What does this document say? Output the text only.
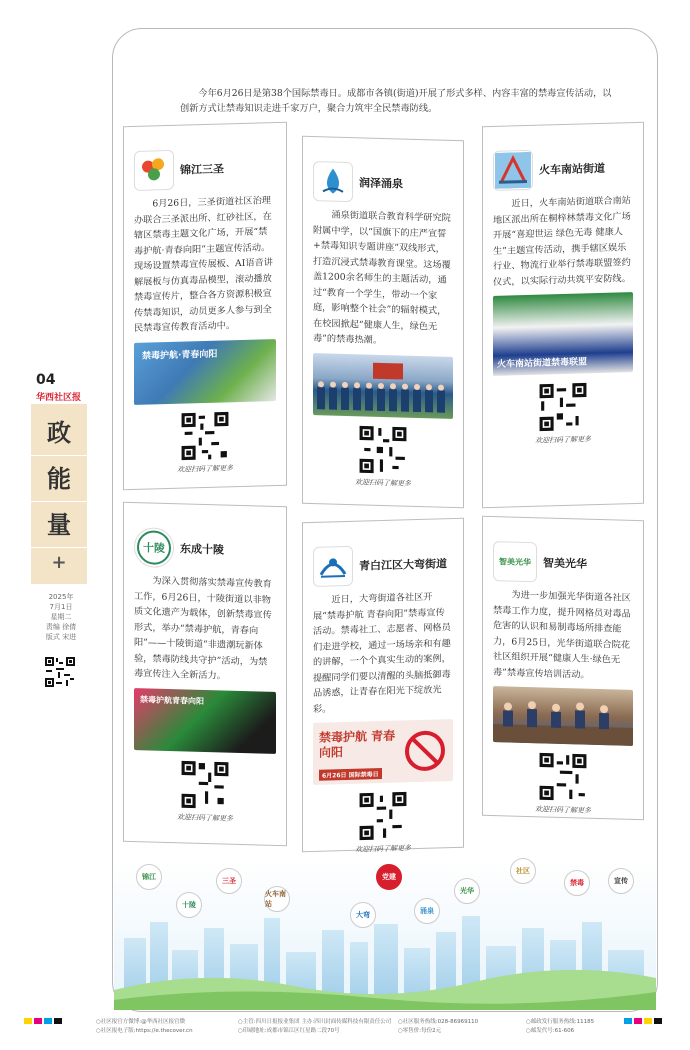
今年6月26日是第38个国际禁毒日。成都市各镇(街道)开展了形式多样、内容丰富的禁毒宣传活动，以创新方式让禁毒知识走进千家万户，聚合力筑牢全民禁毒防线。

04
华西社区报
政
能
量
+
2025年
7月1日
星期二
责编 徐倩
版式 宋进
锦江三圣

6月26日，三圣街道社区治理办联合三圣派出所、红砂社区，在辖区禁毒主题文化广场，开展“禁毒护航·青春向阳”主题宣传活动。现场设置禁毒宣传展板、AI语音讲解展板与仿真毒品模型，滚动播放禁毒宣传片，整合各方资源积极宣传禁毒知识，动员更多人参与到全民禁毒宣传教育活动中。

禁毒护航·青春向阳
欢迎扫码了解更多
润泽涌泉

涌泉街道联合教育科学研究院附属中学，以“国旗下的庄严宣誓+禁毒知识专题讲座”双线形式，打造沉浸式禁毒教育课堂。这场覆盖1200余名师生的主题活动，通过“教育一个学生，带动一个家庭，影响整个社会”的辐射模式，在校园掀起“健康人生，绿色无毒”的禁毒热潮。

欢迎扫码了解更多
火车南站街道

近日，火车南站街道联合南站地区派出所在桐梓林禁毒文化广场开展“喜迎世运 绿色无毒 健康人生”主题宣传活动，携手辖区娱乐行业、物流行业举行禁毒联盟签约仪式，以实际行动共筑平安防线。

火车南站街道禁毒联盟
欢迎扫码了解更多
十陵 东成十陵

为深入贯彻落实禁毒宣传教育工作，6月26日，十陵街道以非物质文化遗产为载体，创新禁毒宣传形式，举办“禁毒护航，青春向阳”——十陵街道“非遗潮玩新体验，禁毒防线共守护”活动，为禁毒宣传注入全新活力。

禁毒护航青春向阳
欢迎扫码了解更多
青白江区大弯街道

近日，大弯街道各社区开展“禁毒护航 青春向阳”禁毒宣传活动。禁毒社工、志愿者、网格员们走进学校，通过一场场亲和有趣的讲解，一个个真实生动的案例，提醒同学们要以清醒的头脑抵御毒品诱惑，让青春在阳光下绽放光彩。

禁毒护航 青春向阳
6月26日 国际禁毒日
欢迎扫码了解更多
智美光华 智美光华

为进一步加强光华街道各社区禁毒工作力度，提升网格员对毒品危害的认识和易制毒场所排查能力，6月25日，光华街道联合院花社区组织开展“健康人生·绿色无毒”禁毒宣传培训活动。

欢迎扫码了解更多
锦江
十陵
三圣
火车南站
党建
涌泉
大弯
光华
社区
禁毒	宣传
○社区报官方微博:@华西社区报官微
○社区报电子版:https://e.thecover.cn
○主管:四川日报报业集团 主办:四川封面传媒科技有限责任公司
○印刷地址:成都市锦江区红星路二段70号
○社区服务热线:028-86969110
○零售价:每份2元
○邮政发行服务热线:11185
○邮发代号:61-606
